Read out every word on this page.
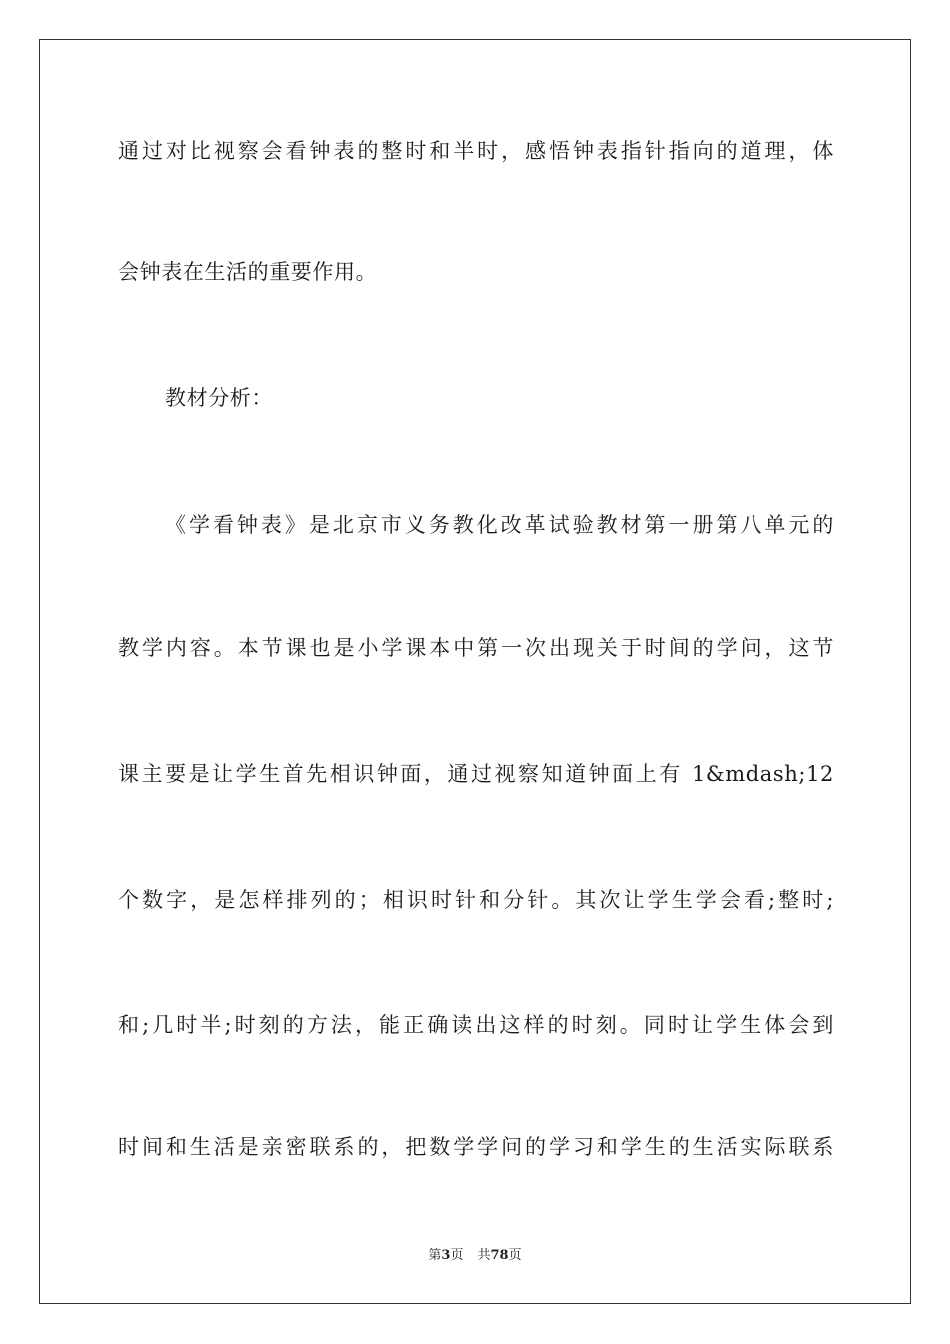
通过对比视察会看钟表的整时和半时，感悟钟表指针指向的道理，体
会钟表在生活的重要作用。
教材分析：
《学看钟表》是北京市义务教化改革试验教材第一册第八单元的
教学内容。本节课也是小学课本中第一次出现关于时间的学问，这节
课主要是让学生首先相识钟面，通过视察知道钟面上有 1&mdash;12
个数字，是怎样排列的；相识时针和分针。其次让学生学会看;整时;
和;几时半;时刻的方法，能正确读出这样的时刻。同时让学生体会到
时间和生活是亲密联系的，把数学学问的学习和学生的生活实际联系
第3页 共78页
